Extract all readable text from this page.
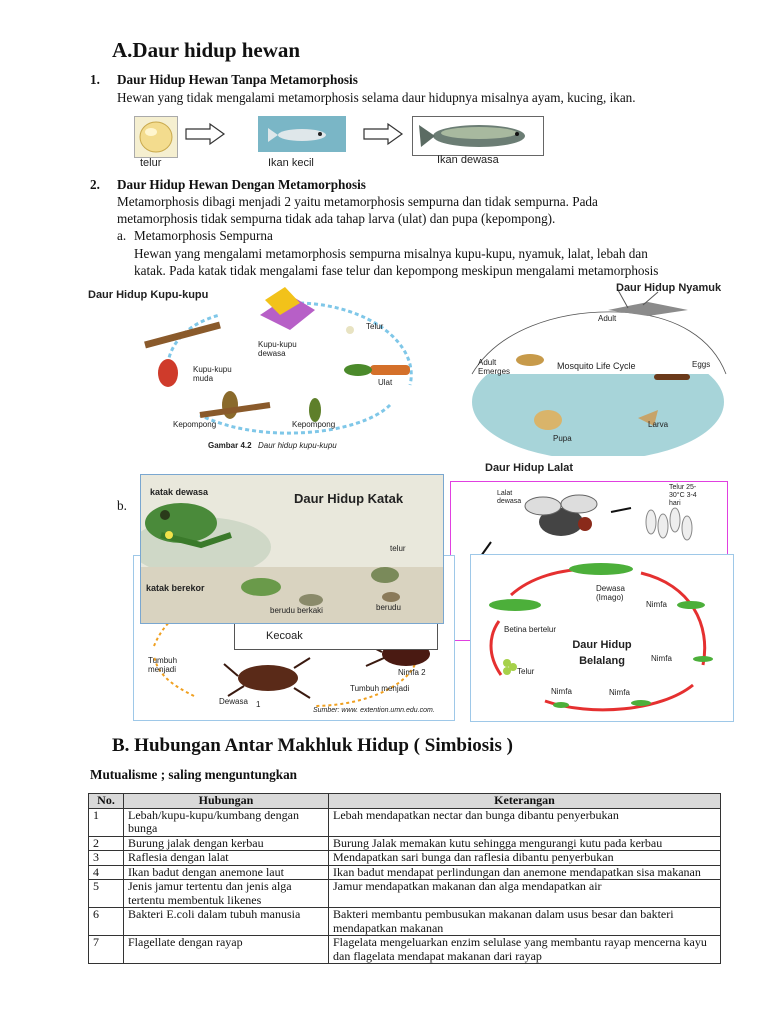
A.Daur hidup hewan
1. Daur Hidup Hewan Tanpa Metamorphosis
Hewan yang tidak mengalami metamorphosis selama daur hidupnya misalnya ayam, kucing, ikan.
telur	Ikan kecil	Ikan dewasa
2. Daur Hidup Hewan Dengan Metamorphosis
Metamorphosis dibagi menjadi 2 yaitu metamorphosis sempurna dan tidak sempurna. Pada
metamorphosis tidak sempurna tidak ada tahap larva (ulat) dan pupa (kepompong).
a. Metamorphosis Sempurna
Hewan yang mengalami metamorphosis sempurna misalnya kupu-kupu, nyamuk, lalat, lebah dan
katak. Pada katak tidak mengalami fase telur dan kepompong meskipun mengalami metamorphosis
Daur Hidup Kupu-kupu
Telur
Kupu-kupu dewasa
Kupu-kupu muda	Ulat
Kepompong	Kepompong
Gambar 4.2 Daur hidup kupu-kupu
Daur Hidup Nyamuk
Adult
Mosquito Life Cycle
Adult Emerges
Eggs
Pupa
Larva
Daur Hidup Lalat
Lalat dewasa
Telur 25-30°C 3-4 hari
b.
Kecoak
Tumbuh menjadi
Tumbuh menjadi
Nimfa 2
Dewasa 1
Sumber: www. extention.umn.edu.com.
katak dewasa	Daur Hidup Katak
telur
katak berekor
berudu berkaki	berudu
Dewasa (Imago)
Nimfa
Betina bertelur
Nimfa
Telur
Nimfa	Nimfa
Daur Hidup Belalang
B. Hubungan Antar Makhluk Hidup ( Simbiosis )
Mutualisme ; saling menguntungkan
No.	Hubungan	Keterangan
1	Lebah/kupu-kupu/kumbang dengan bunga	Lebah mendapatkan nectar dan bunga dibantu penyerbukan
2	Burung jalak dengan kerbau	Burung Jalak memakan kutu sehingga mengurangi kutu pada kerbau
3	Raflesia dengan lalat	Mendapatkan sari bunga dan raflesia dibantu penyerbukan
4	Ikan badut dengan anemone laut	Ikan badut mendapat perlindungan dan anemone mendapatkan sisa makanan
5	Jenis jamur tertentu dan jenis alga tertentu membentuk likenes	Jamur mendapatkan makanan dan alga mendapatkan air
6	Bakteri E.coli dalam tubuh manusia	Bakteri membantu pembusukan makanan dalam usus besar dan bakteri mendapatkan makanan
7	Flagellate dengan rayap	Flagelata mengeluarkan enzim selulase yang membantu rayap mencerna kayu dan flagelata mendapat makanan dari rayap
